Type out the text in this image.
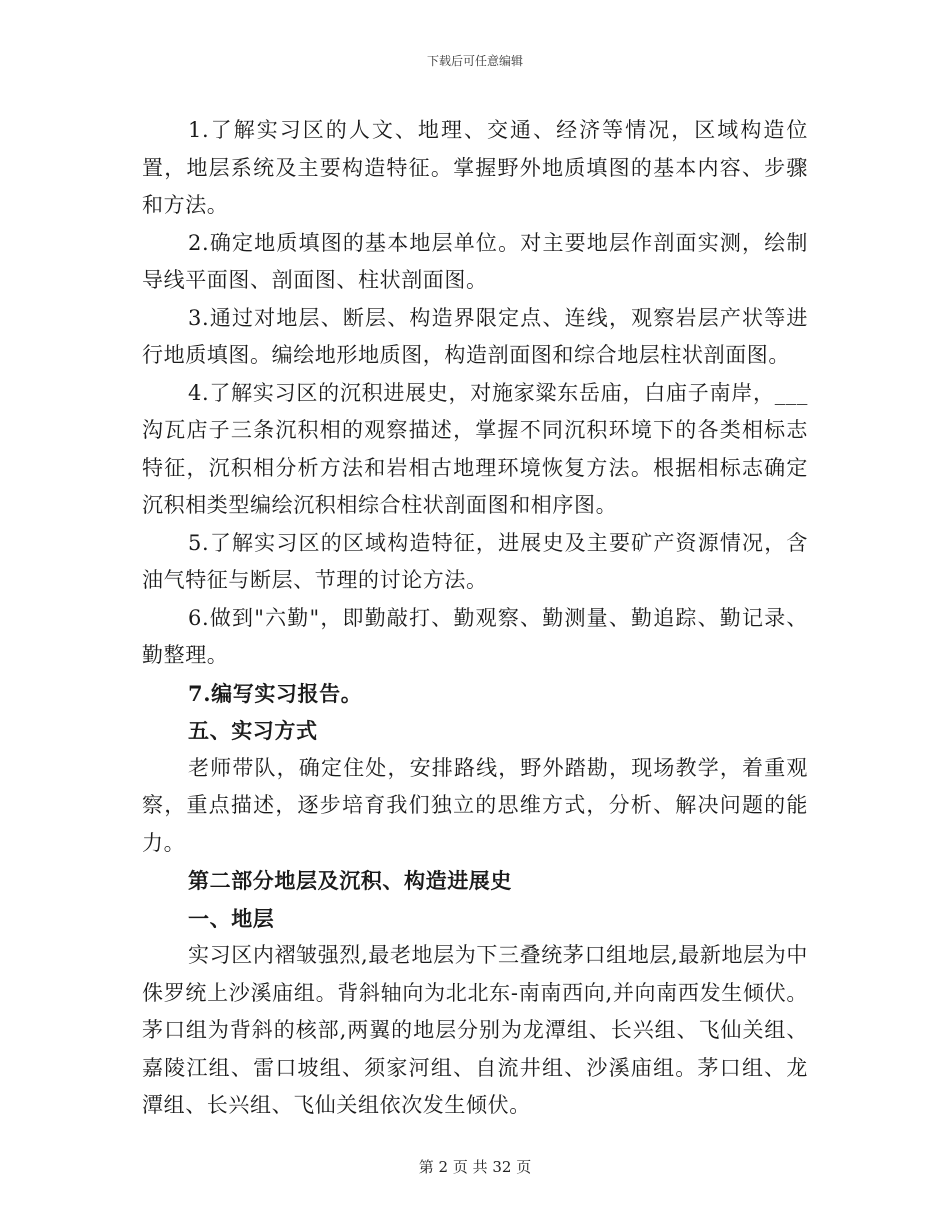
下载后可任意编辑

1.了解实习区的人文、地理、交通、经济等情况，区域构造位置，地层系统及主要构造特征。掌握野外地质填图的基本内容、步骤和方法。

2.确定地质填图的基本地层单位。对主要地层作剖面实测，绘制导线平面图、剖面图、柱状剖面图。

3.通过对地层、断层、构造界限定点、连线，观察岩层产状等进行地质填图。编绘地形地质图，构造剖面图和综合地层柱状剖面图。

4.了解实习区的沉积进展史，对施家粱东岳庙，白庙子南岸，___沟瓦店子三条沉积相的观察描述，掌握不同沉积环境下的各类相标志特征，沉积相分析方法和岩相古地理环境恢复方法。根据相标志确定沉积相类型编绘沉积相综合柱状剖面图和相序图。

5.了解实习区的区域构造特征，进展史及主要矿产资源情况，含油气特征与断层、节理的讨论方法。

6.做到"六勤"，即勤敲打、勤观察、勤测量、勤追踪、勤记录、勤整理。

7.编写实习报告。

五、实习方式

老师带队，确定住处，安排路线，野外踏勘，现场教学，着重观察，重点描述，逐步培育我们独立的思维方式，分析、解决问题的能力。

第二部分地层及沉积、构造进展史

一、地层

实习区内褶皱强烈,最老地层为下三叠统茅口组地层,最新地层为中侏罗统上沙溪庙组。背斜轴向为北北东-南南西向,并向南西发生倾伏。茅口组为背斜的核部,两翼的地层分别为龙潭组、长兴组、飞仙关组、嘉陵江组、雷口坡组、须家河组、自流井组、沙溪庙组。茅口组、龙潭组、长兴组、飞仙关组依次发生倾伏。

第 2 页 共 32 页
